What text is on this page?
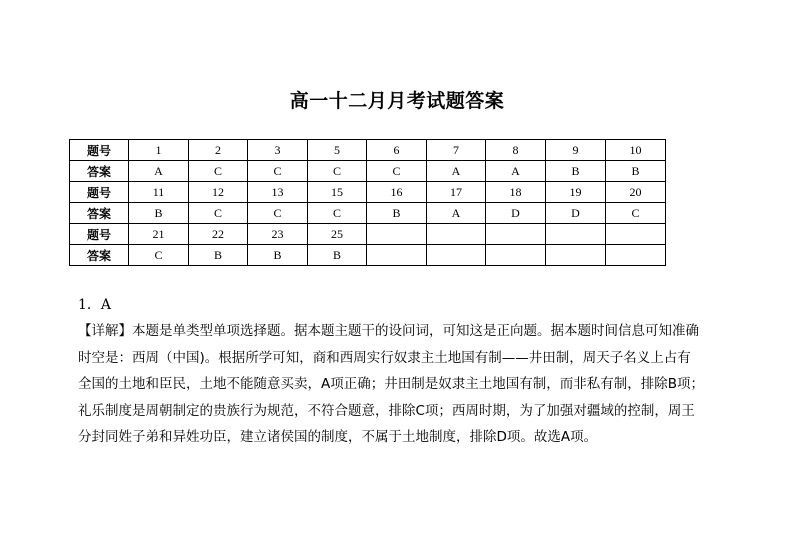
高一十二月月考试题答案
题号	1	2	3	5	6	7	8	9	10
答案	A	C	C	C	C	A	A	B	B
题号	11	12	13	15	16	17	18	19	20
答案	B	C	C	C	B	A	D	D	C
题号	21	22	23	25					
答案	C	B	B	B					
1．A
【详解】本题是单类型单项选择题。据本题主题干的设问词，可知这是正向题。据本题时间信息可知准确
时空是：西周（中国)。根据所学可知，商和西周实行奴隶主土地国有制——井田制，周天子名义上占有
全国的土地和臣民，土地不能随意买卖，A项正确；井田制是奴隶主土地国有制，而非私有制，排除B项；
礼乐制度是周朝制定的贵族行为规范，不符合题意，排除C项；西周时期，为了加强对疆域的控制，周王
分封同姓子弟和异姓功臣，建立诸侯国的制度，不属于土地制度，排除D项。故选A项。
